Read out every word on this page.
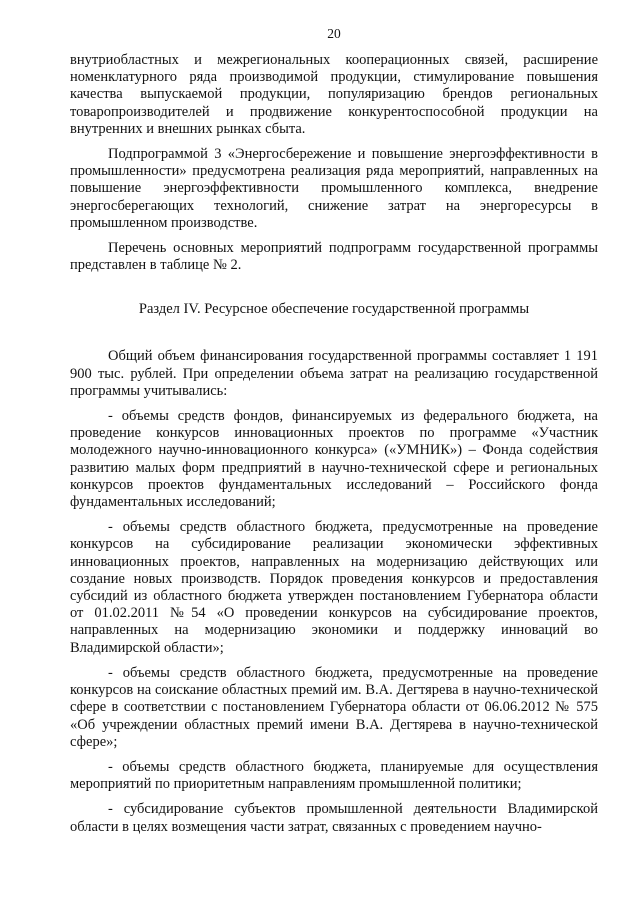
20

внутриобластных и межрегиональных кооперационных связей, расширение номенклатурного ряда производимой продукции, стимулирование повышения качества выпускаемой продукции, популяризацию брендов региональных товаропроизводителей и продвижение конкурентоспособной продукции на внутренних и внешних рынках сбыта.

Подпрограммой 3 «Энергосбережение и повышение энергоэффективности в промышленности» предусмотрена реализация ряда мероприятий, направленных на повышение энергоэффективности промышленного комплекса, внедрение энергосберегающих технологий, снижение затрат на энергоресурсы в промышленном производстве.

Перечень основных мероприятий подпрограмм государственной программы представлен в таблице № 2.

Раздел IV. Ресурсное обеспечение государственной программы

Общий объем финансирования государственной программы составляет 1 191 900 тыс. рублей. При определении объема затрат на реализацию государственной программы учитывались:

- объемы средств фондов, финансируемых из федерального бюджета, на проведение конкурсов инновационных проектов по программе «Участник молодежного научно-инновационного конкурса» («УМНИК») – Фонда содействия развитию малых форм предприятий в научно-технической сфере и региональных конкурсов проектов фундаментальных исследований – Российского фонда фундаментальных исследований;

- объемы средств областного бюджета, предусмотренные на проведение конкурсов на субсидирование реализации экономически эффективных инновационных проектов, направленных на модернизацию действующих или создание новых производств. Порядок проведения конкурсов и предоставления субсидий из областного бюджета утвержден постановлением Губернатора области от 01.02.2011 №54 «О проведении конкурсов на субсидирование проектов, направленных на модернизацию экономики и поддержку инноваций во Владимирской области»;

- объемы средств областного бюджета, предусмотренные на проведение конкурсов на соискание областных премий им. В.А. Дегтярева в научно-технической сфере в соответствии с постановлением Губернатора области от 06.06.2012 № 575 «Об учреждении областных премий имени В.А. Дегтярева в научно-технической сфере»;

- объемы средств областного бюджета, планируемые для осуществления мероприятий по приоритетным направлениям промышленной политики;

- субсидирование субъектов промышленной деятельности Владимирской области в целях возмещения части затрат, связанных с проведением научно-
